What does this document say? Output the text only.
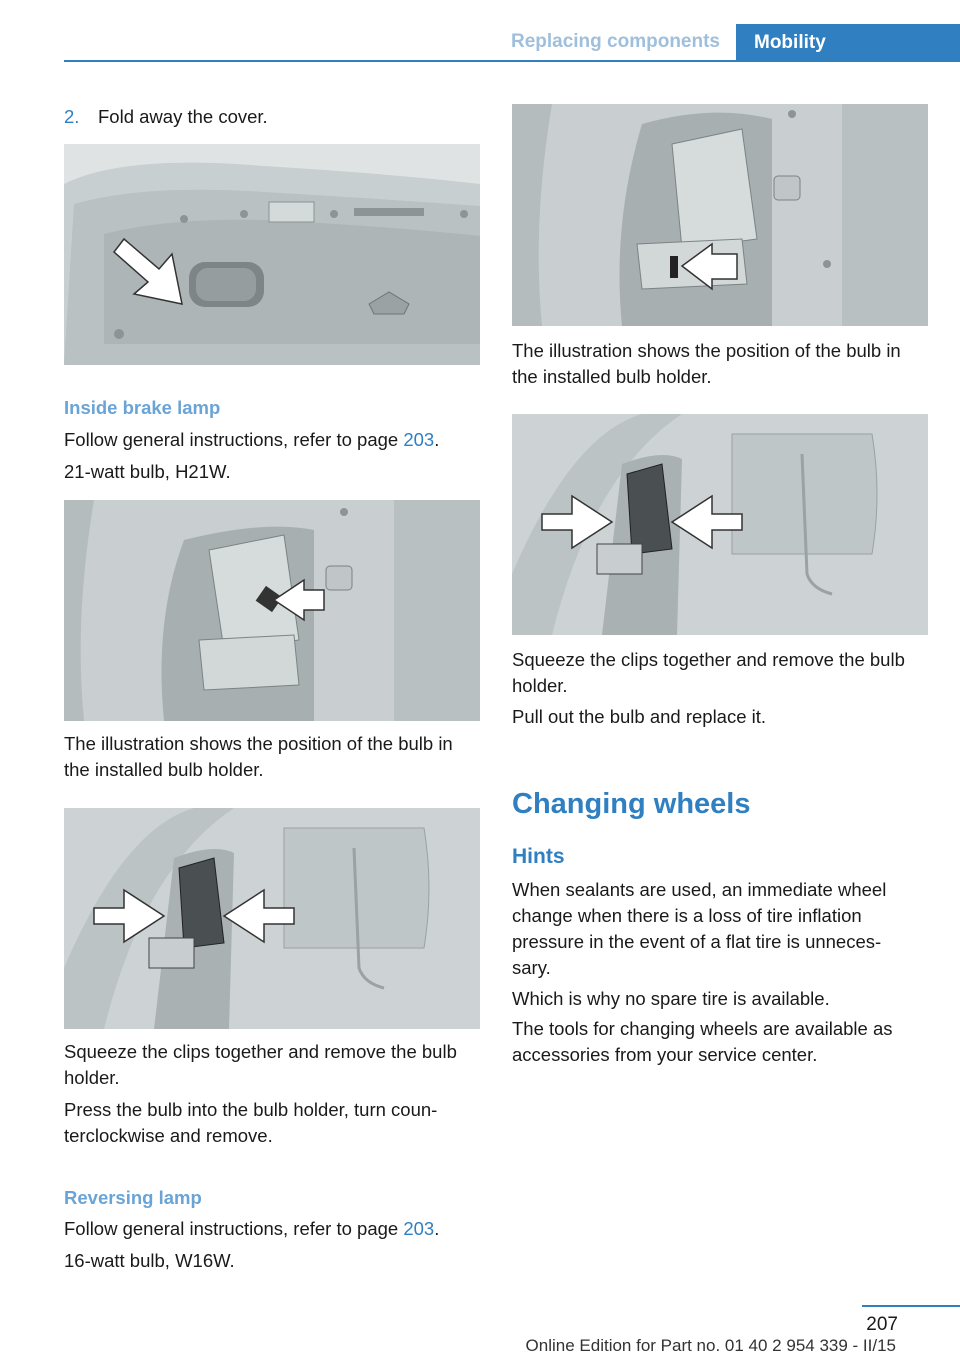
Replacing components	Mobility
2. Fold away the cover.
Inside brake lamp
Follow general instructions, refer to page 203.
21‑watt bulb, H21W.
The illustration shows the position of the bulb in the installed bulb holder.
Squeeze the clips together and remove the bulb holder.
Press the bulb into the bulb holder, turn coun‑
terclockwise and remove.
Reversing lamp
Follow general instructions, refer to page 203.
16‑watt bulb, W16W.
The illustration shows the position of the bulb in the installed bulb holder.
Squeeze the clips together and remove the bulb holder.
Pull out the bulb and replace it.
Changing wheels
Hints
When sealants are used, an immediate wheel
change when there is a loss of tire inflation
pressure in the event of a flat tire is unneces‑
sary.
Which is why no spare tire is available.
The tools for changing wheels are available as
accessories from your service center.
207
Online Edition for Part no. 01 40 2 954 339 - II/15
